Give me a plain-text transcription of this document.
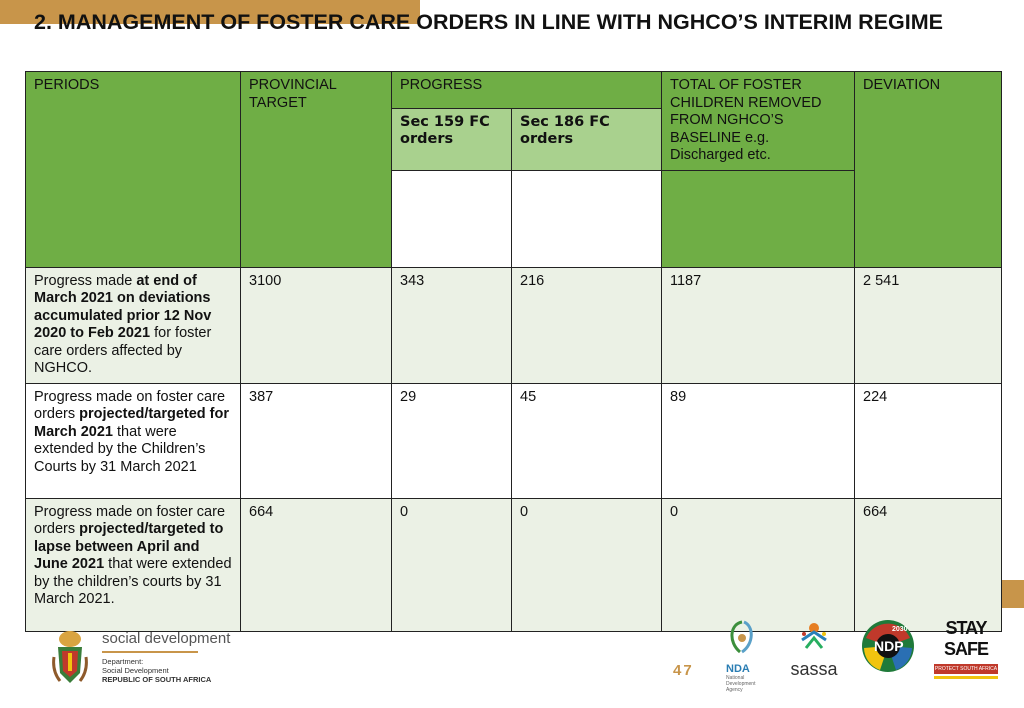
2. MANAGEMENT OF FOSTER CARE ORDERS IN LINE WITH NGHCO’S INTERIM REGIME
PERIODS	PROVINCIAL TARGET	PROGRESS		TOTAL OF FOSTER CHILDREN REMOVED FROM NGHCO’S BASELINE e.g. Discharged etc.	DEVIATION
		Sec 159 FC orders	Sec 186 FC orders		

Progress made at end of March 2021 on deviations accumulated prior 12 Nov 2020 to Feb 2021 for foster care orders affected by NGHCO.	3100	343	216	1187	2 541
Progress made on foster care orders projected/targeted for March 2021 that were extended by the Children’s Courts by 31 March 2021	387	29	45	89	224
Progress made on foster care orders projected/targeted to lapse between April and June 2021 that were extended by the children’s courts by 31 March 2021.	664	0	0	0	664
social development
Department:
Social Development
REPUBLIC OF SOUTH AFRICA
47	NDA
National Development Agency
sassa
NDP
2030	STAY SAFE
PROTECT SOUTH AFRICA
